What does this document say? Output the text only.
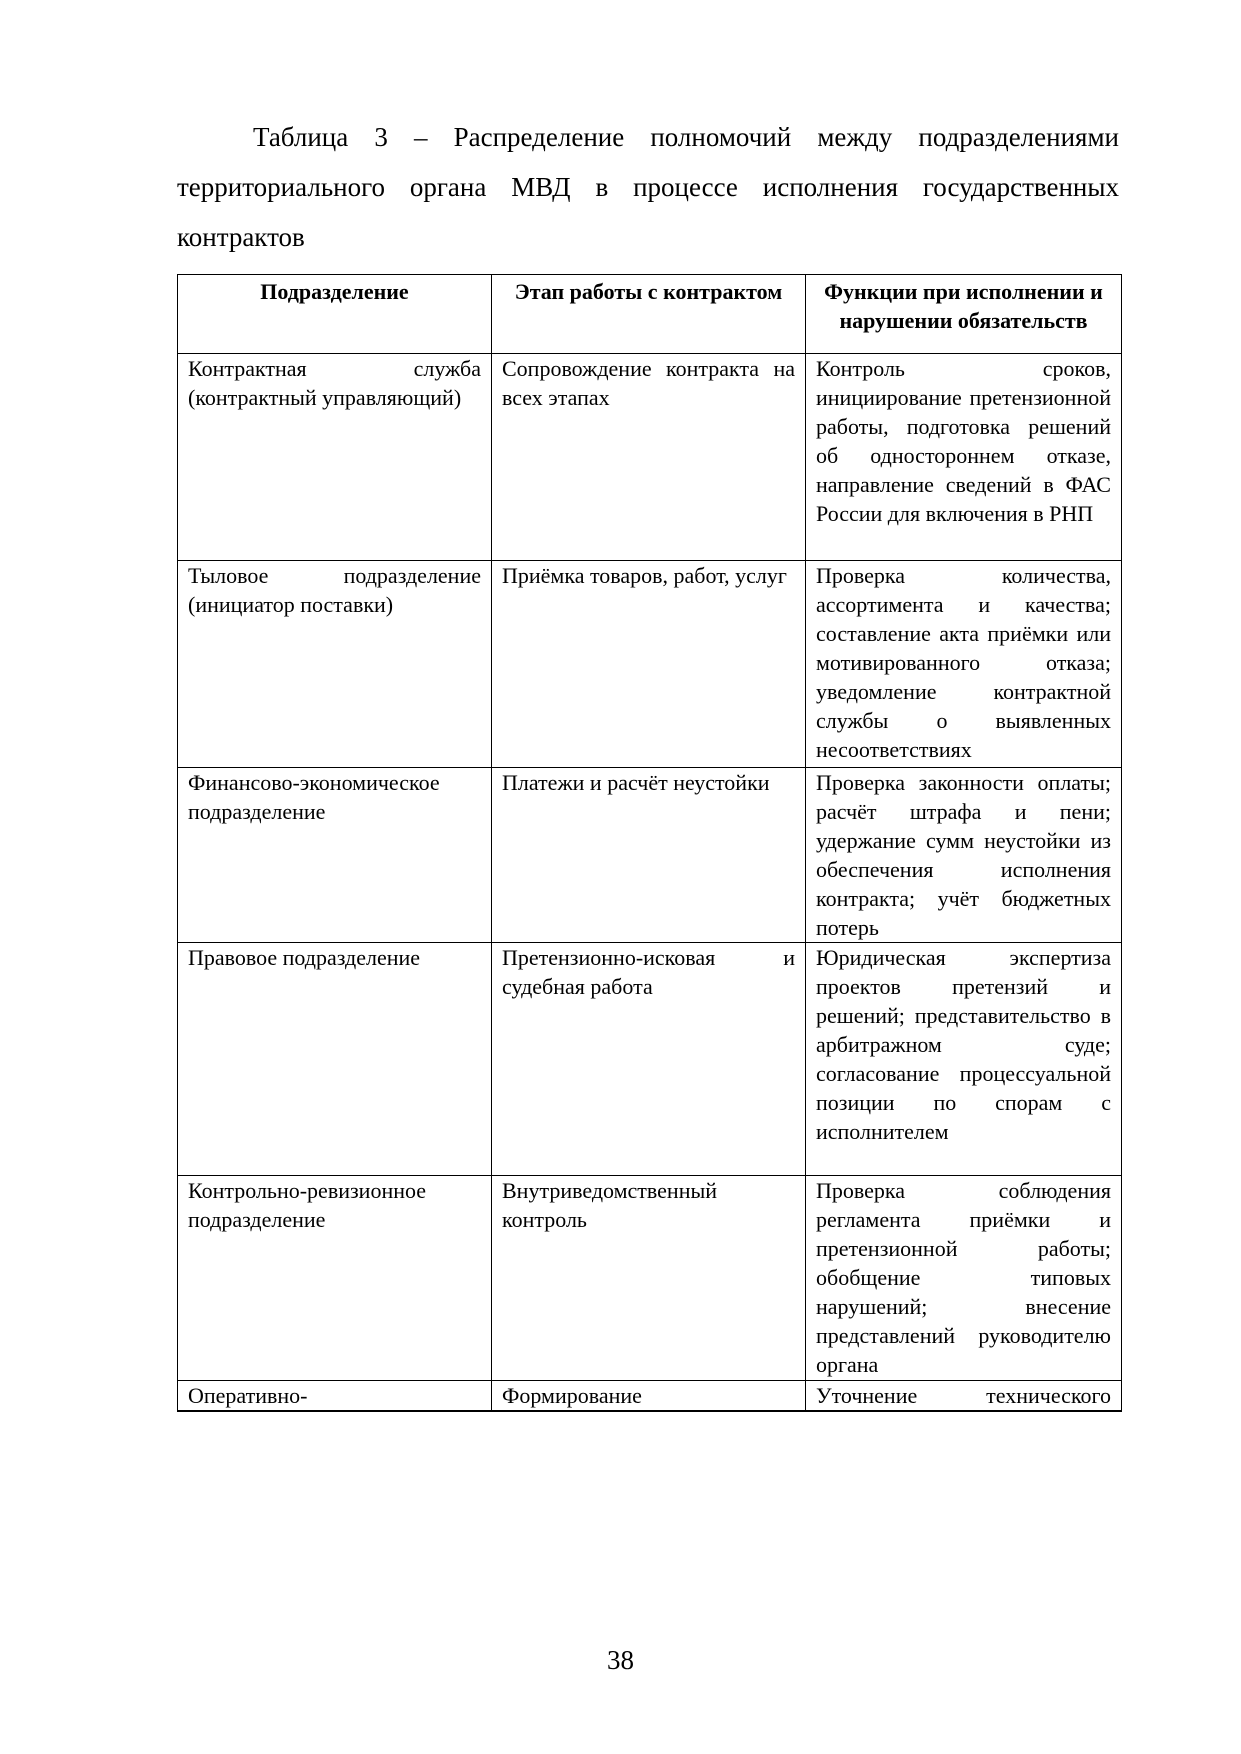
Таблица 3 – Распределение полномочий между подразделениями территориального органа МВД в процессе исполнения государственных контрактов

Подразделение	Этап работы с контрактом	Функции при исполнении и нарушении обязательств
Контрактная служба (контрактный управляющий)	Сопровождение контракта на всех этапах	Контроль сроков, инициирование претензионной работы, подготовка решений об одностороннем отказе, направление сведений в ФАС России для включения в РНП
Тыловое подразделение (инициатор поставки)	Приёмка товаров, работ, услуг	Проверка количества, ассортимента и качества; составление акта приёмки или мотивированного отказа; уведомление контрактной службы о выявленных несоответствиях
Финансово-экономическое подразделение	Платежи и расчёт неустойки	Проверка законности оплаты; расчёт штрафа и пени; удержание сумм неустойки из обеспечения исполнения контракта; учёт бюджетных потерь
Правовое подразделение	Претензионно-исковая и судебная работа	Юридическая экспертиза проектов претензий и решений; представительство в арбитражном суде; согласование процессуальной позиции по спорам с исполнителем
Контрольно-ревизионное подразделение	Внутриведомственный контроль	Проверка соблюдения регламента приёмки и претензионной работы; обобщение типовых нарушений; внесение представлений руководителю органа
Оперативно-	Формирование	Уточнение технического
38
